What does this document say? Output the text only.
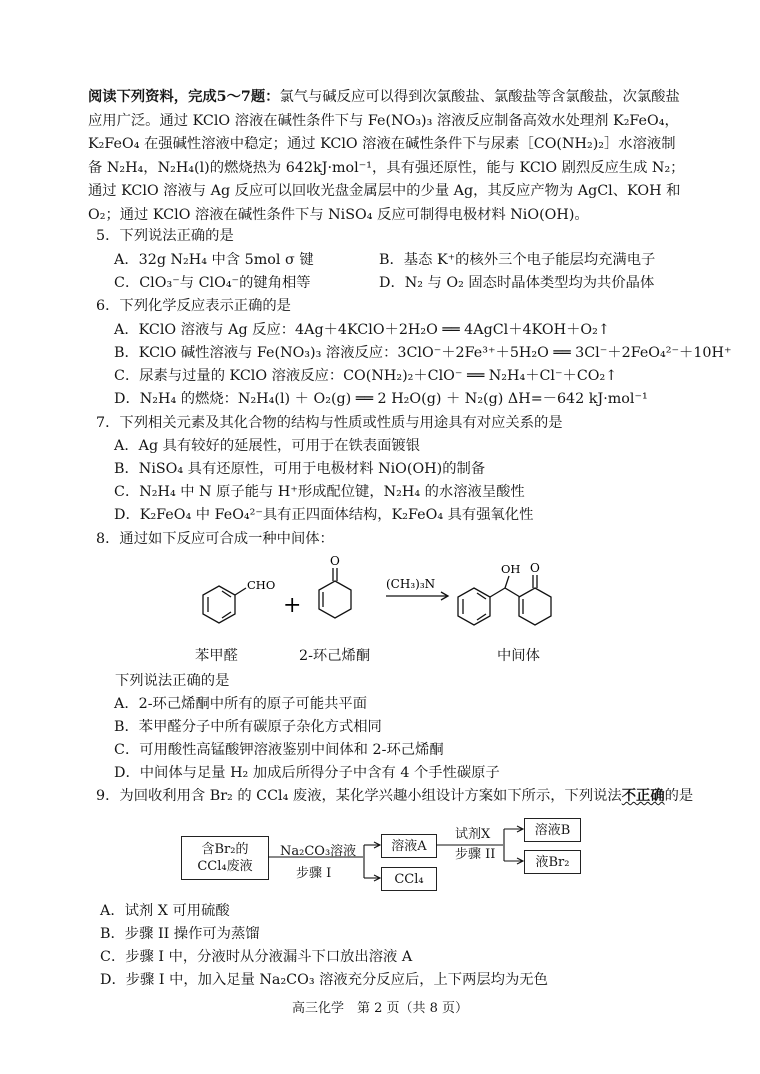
阅读下列资料，完成5～7题：氯气与碱反应可以得到次氯酸盐、氯酸盐等含氯酸盐，次氯酸盐应用广泛。通过 KClO 溶液在碱性条件下与 Fe(NO₃)₃ 溶液反应制备高效水处理剂 K₂FeO₄，K₂FeO₄ 在强碱性溶液中稳定；通过 KClO 溶液在碱性条件下与尿素［CO(NH₂)₂］水溶液制备 N₂H₄，N₂H₄(l)的燃烧热为 642kJ·mol⁻¹，具有强还原性，能与 KClO 剧烈反应生成 N₂；通过 KClO 溶液与 Ag 反应可以回收光盘金属层中的少量 Ag，其反应产物为 AgCl、KOH 和 O₂；通过 KClO 溶液在碱性条件下与 NiSO₄ 反应可制得电极材料 NiO(OH)。
5．下列说法正确的是
A．32g N₂H₄ 中含 5mol σ 键	B．基态 K⁺的核外三个电子能层均充满电子
C．ClO₃⁻与 ClO₄⁻的键角相等	D．N₂ 与 O₂ 固态时晶体类型均为共价晶体
6．下列化学反应表示正确的是
A．KClO 溶液与 Ag 反应：4Ag＋4KClO＋2H₂O ══ 4AgCl＋4KOH＋O₂↑
B．KClO 碱性溶液与 Fe(NO₃)₃ 溶液反应：3ClO⁻＋2Fe³⁺＋5H₂O ══ 3Cl⁻＋2FeO₄²⁻＋10H⁺
C．尿素与过量的 KClO 溶液反应：CO(NH₂)₂＋ClO⁻ ══ N₂H₄＋Cl⁻＋CO₂↑
D．N₂H₄ 的燃烧：N₂H₄(l) ＋ O₂(g) ══ 2 H₂O(g) ＋ N₂(g) ΔH=－642 kJ·mol⁻¹
7．下列相关元素及其化合物的结构与性质或性质与用途具有对应关系的是
A．Ag 具有较好的延展性，可用于在铁表面镀银
B．NiSO₄ 具有还原性，可用于电极材料 NiO(OH)的制备
C．N₂H₄ 中 N 原子能与 H⁺形成配位键，N₂H₄ 的水溶液呈酸性
D．K₂FeO₄ 中 FeO₄²⁻具有正四面体结构，K₂FeO₄ 具有强氧化性
8．通过如下反应可合成一种中间体：
CHO
O
+
(CH₃)₃N
OH O
苯甲醛	2-环己烯酮	中间体
下列说法正确的是
A．2-环己烯酮中所有的原子可能共平面
B．苯甲醛分子中所有碳原子杂化方式相同
C．可用酸性高锰酸钾溶液鉴别中间体和 2-环己烯酮
D．中间体与足量 H₂ 加成后所得分子中含有 4 个手性碳原子
9．为回收利用含 Br₂ 的 CCl₄ 废液，某化学兴趣小组设计方案如下所示，下列说法不正确的是
含Br₂的
CCl₄废液
Na₂CO₃溶液
步骤 I
溶液A
CCl₄
试剂X
步骤 II
溶液B
液Br₂
A．试剂 X 可用硫酸
B．步骤 II 操作可为蒸馏
C．步骤 I 中，分液时从分液漏斗下口放出溶液 A
D．步骤 I 中，加入足量 Na₂CO₃ 溶液充分反应后，上下两层均为无色
高三化学　第 2 页（共 8 页）
